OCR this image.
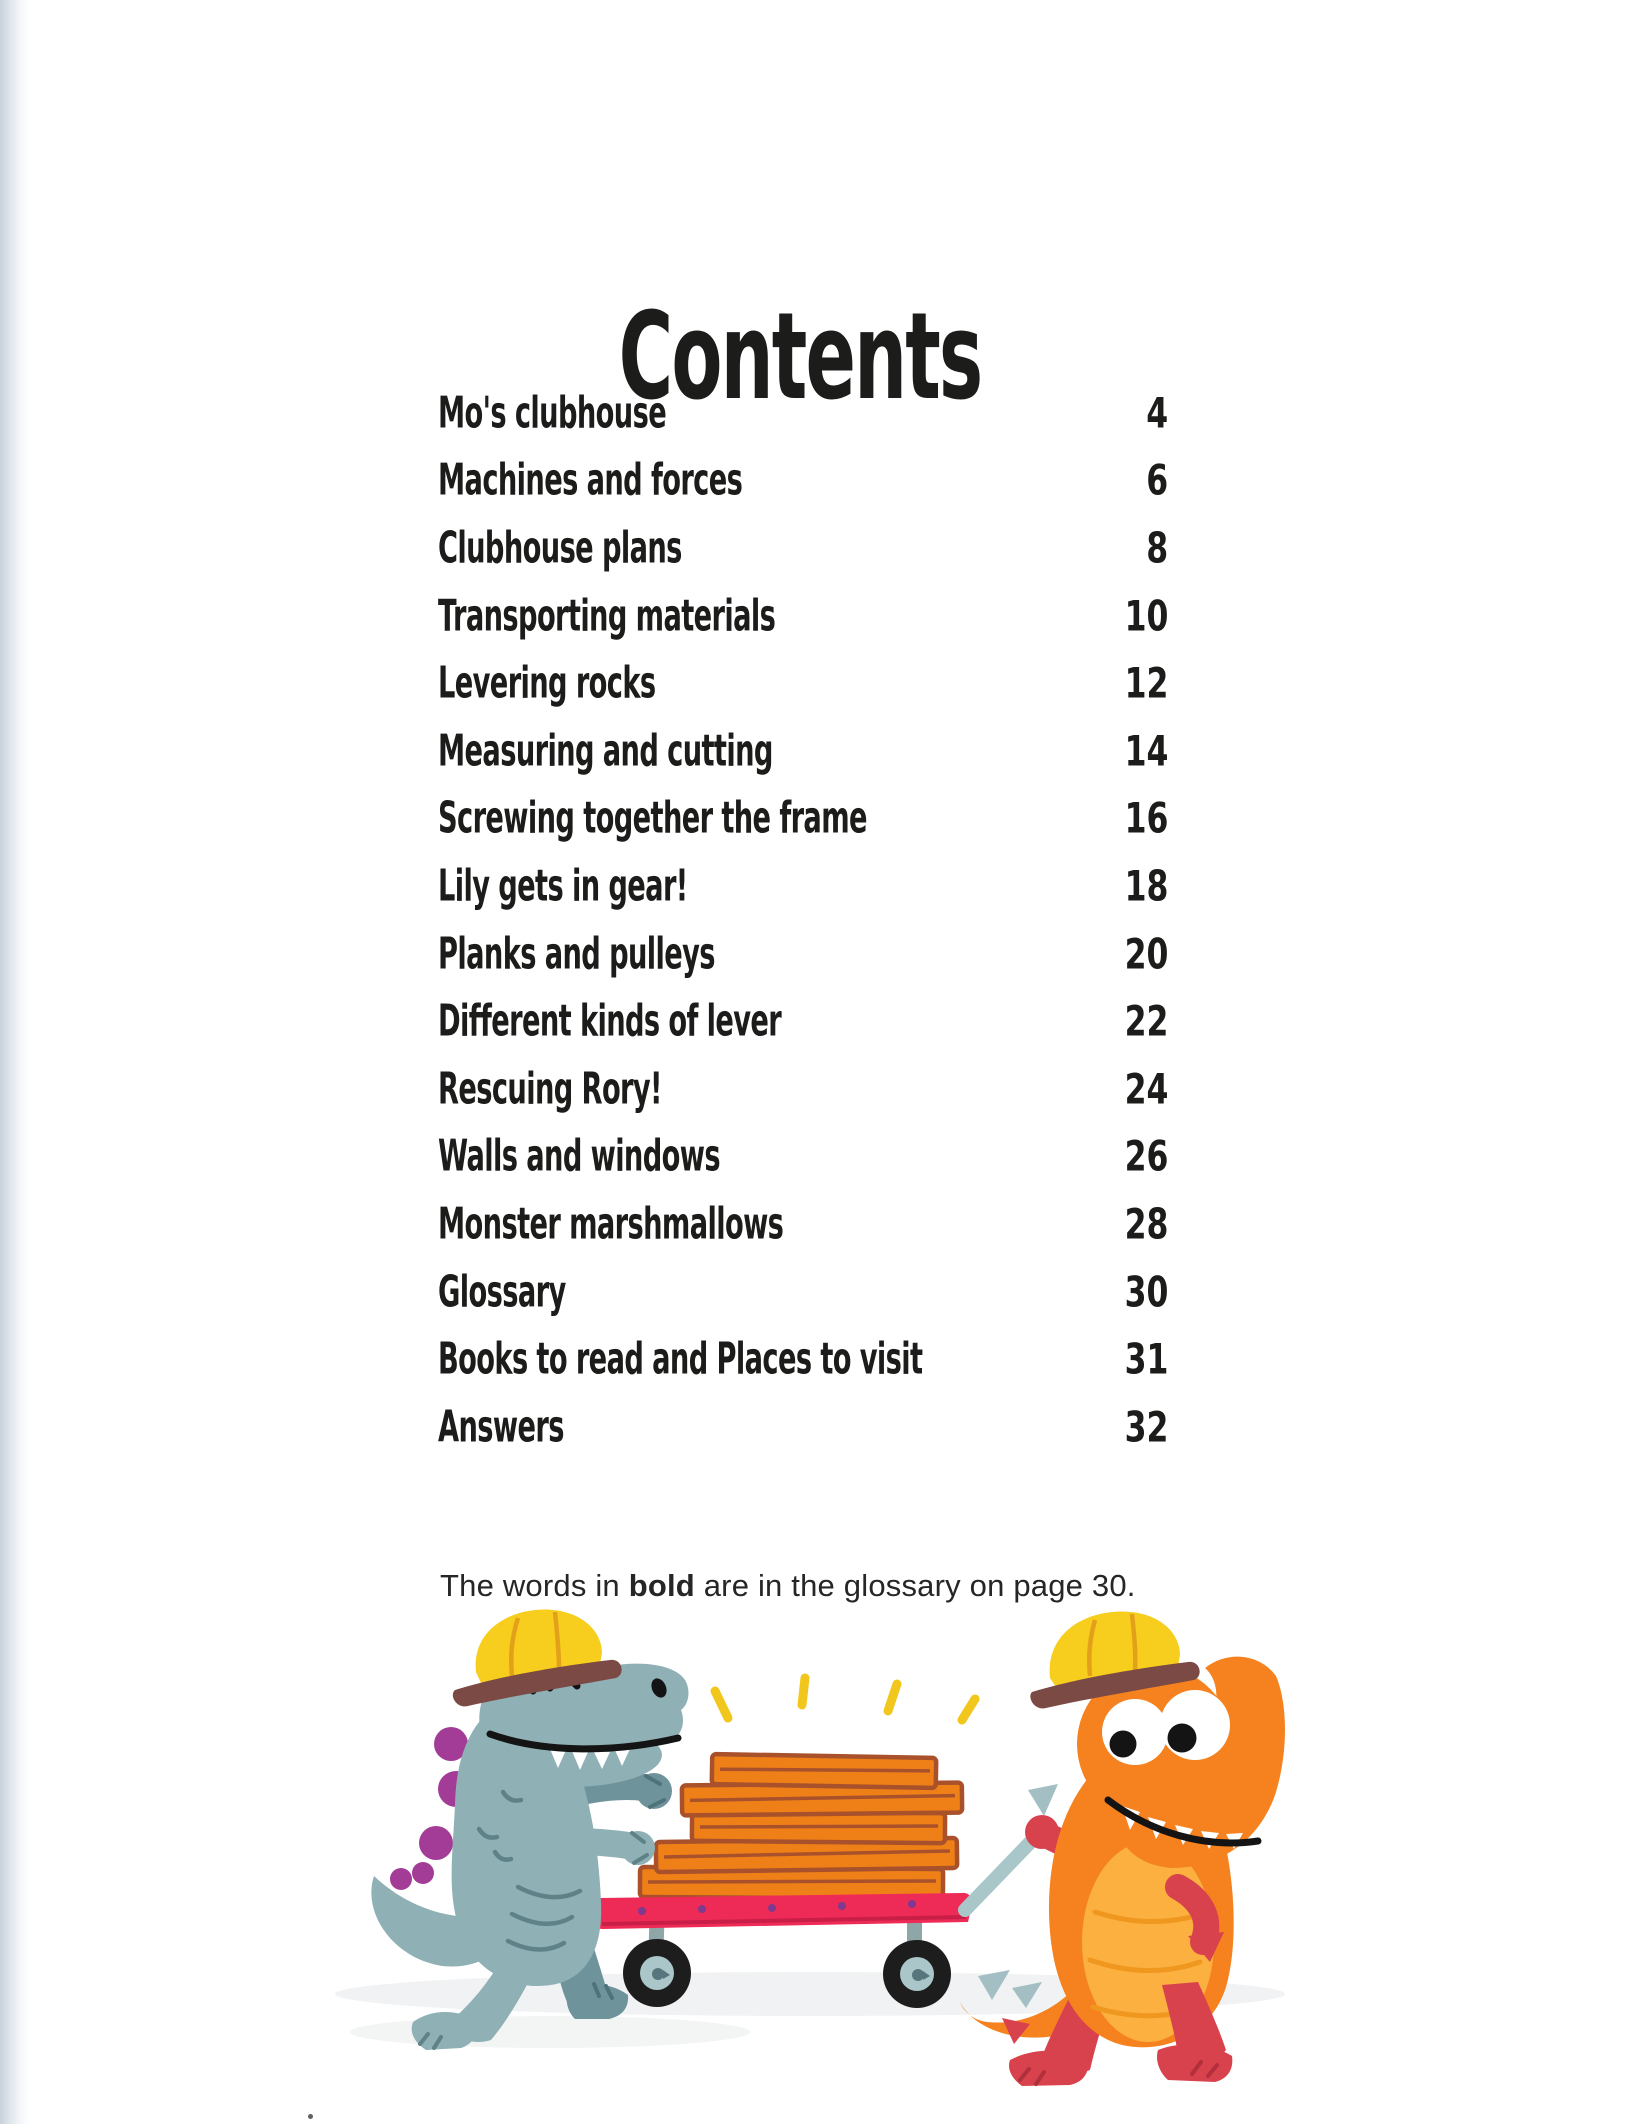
Contents
Mo's clubhouse	4
Machines and forces	6
Clubhouse plans	8
Transporting materials	10
Levering rocks	12
Measuring and cutting	14
Screwing together the frame	16
Lily gets in gear!	18
Planks and pulleys	20
Different kinds of lever	22
Rescuing Rory!	24
Walls and windows	26
Monster marshmallows	28
Glossary	30
Books to read and Places to visit	31
Answers	32

The words in bold are in the glossary on page 30.
